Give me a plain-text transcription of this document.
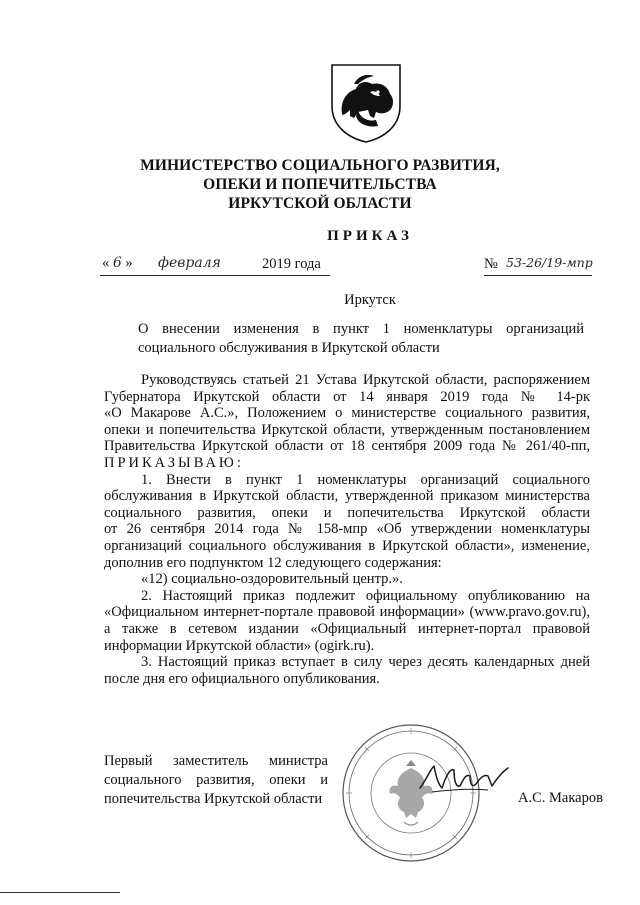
МИНИСТЕРСТВО СОЦИАЛЬНОГО РАЗВИТИЯ,
ОПЕКИ И ПОПЕЧИТЕЛЬСТВА
ИРКУТСКОЙ ОБЛАСТИ
ПРИКАЗ
« 6 » февраля	2019 года	№ 53-26/19-мпр
Иркутск
О внесении изменения в пункт 1 номенклатуры организаций
социального обслуживания в Иркутской области
Руководствуясь статьей 21 Устава Иркутской области, распоряжением
Губернатора Иркутской области от 14 января 2019 года № 14-рк
«О Макарове А.С.», Положением о министерстве социального развития,
опеки и попечительства Иркутской области, утвержденным постановлением
Правительства Иркутской области от 18 сентября 2009 года № 261/40-пп,
ПРИКАЗЫВАЮ:
1. Внести в пункт 1 номенклатуры организаций социального
обслуживания в Иркутской области, утвержденной приказом министерства
социального развития, опеки и попечительства Иркутской области
от 26 сентября 2014 года № 158-мпр «Об утверждении номенклатуры
организаций социального обслуживания в Иркутской области», изменение,
дополнив его подпунктом 12 следующего содержания:
«12) социально-оздоровительный центр.».
2. Настоящий приказ подлежит официальному опубликованию на
«Официальном интернет-портале правовой информации» (www.pravo.gov.ru),
а также в сетевом издании «Официальный интернет-портал правовой
информации Иркутской области» (ogirk.ru).
3. Настоящий приказ вступает в силу через десять календарных дней
после дня его официального опубликования.
Первый заместитель министра
социального развития, опеки и
попечительства Иркутской области	А.С. Макаров
